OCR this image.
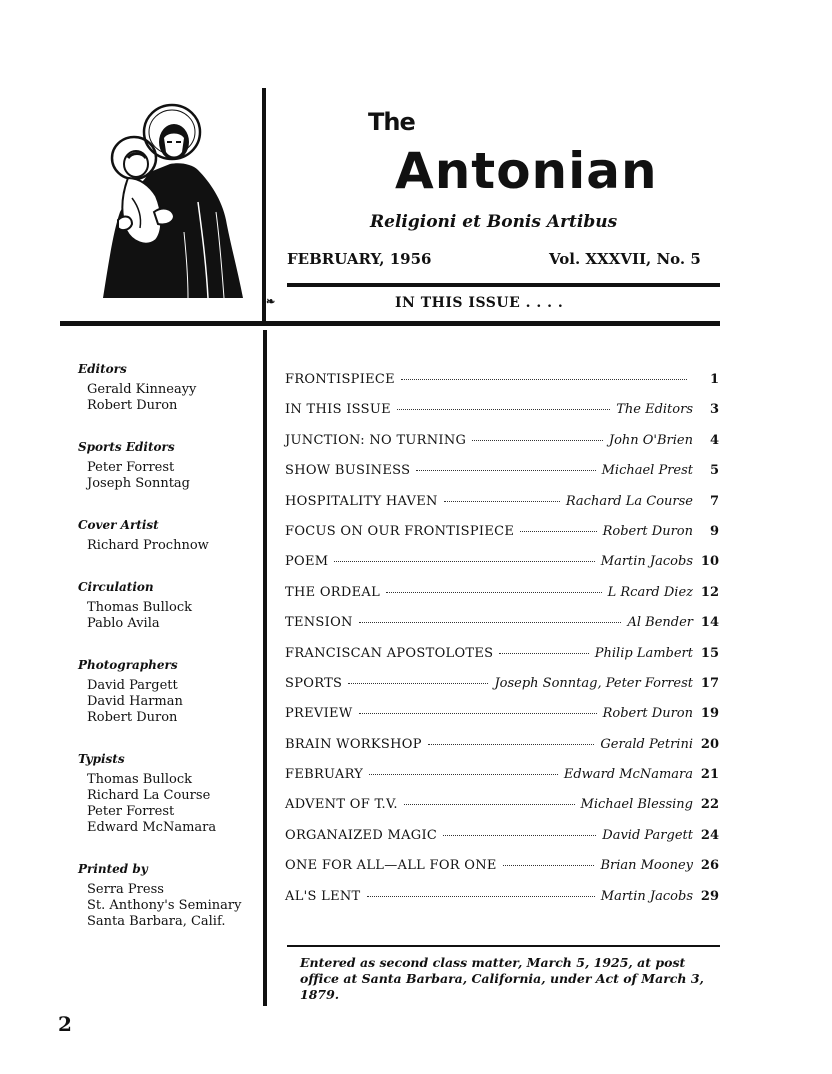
The
Antonian
Religioni et Bonis Artibus
FEBRUARY, 1956	Vol. XXXVII, No. 5
❧	IN THIS ISSUE . . . .
Editors
Gerald Kinneayy
Robert Duron
Sports Editors
Peter Forrest
Joseph Sonntag
Cover Artist
Richard Prochnow
Circulation
Thomas Bullock
Pablo Avila
Photographers
David Pargett
David Harman
Robert Duron
Typists
Thomas Bullock
Richard La Course
Peter Forrest
Edward McNamara
Printed by
Serra Press
St. Anthony's Seminary
Santa Barbara, Calif.
FRONTISPIECE	1
IN THIS ISSUE	The Editors	3
JUNCTION: NO TURNING	John O'Brien	4
SHOW BUSINESS	Michael Prest	5
HOSPITALITY HAVEN	Rachard La Course	7
FOCUS ON OUR FRONTISPIECE	Robert Duron	9
POEM	Martin Jacobs 10
THE ORDEAL	L Rcard Diez 12
TENSION	Al Bender 14
FRANCISCAN APOSTOLOTES	Philip Lambert 15
SPORTS	Joseph Sonntag, Peter Forrest 17
PREVIEW	Robert Duron 19
BRAIN WORKSHOP	Gerald Petrini 20
FEBRUARY	Edward McNamara 21
ADVENT OF T.V.	Michael Blessing 22
ORGANAIZED MAGIC	David Pargett 24
ONE FOR ALL—ALL FOR ONE	Brian Mooney 26
AL'S LENT	Martin Jacobs 29
Entered as second class matter, March 5, 1925, at post office at Santa Barbara, California, under Act of March 3, 1879.
2
